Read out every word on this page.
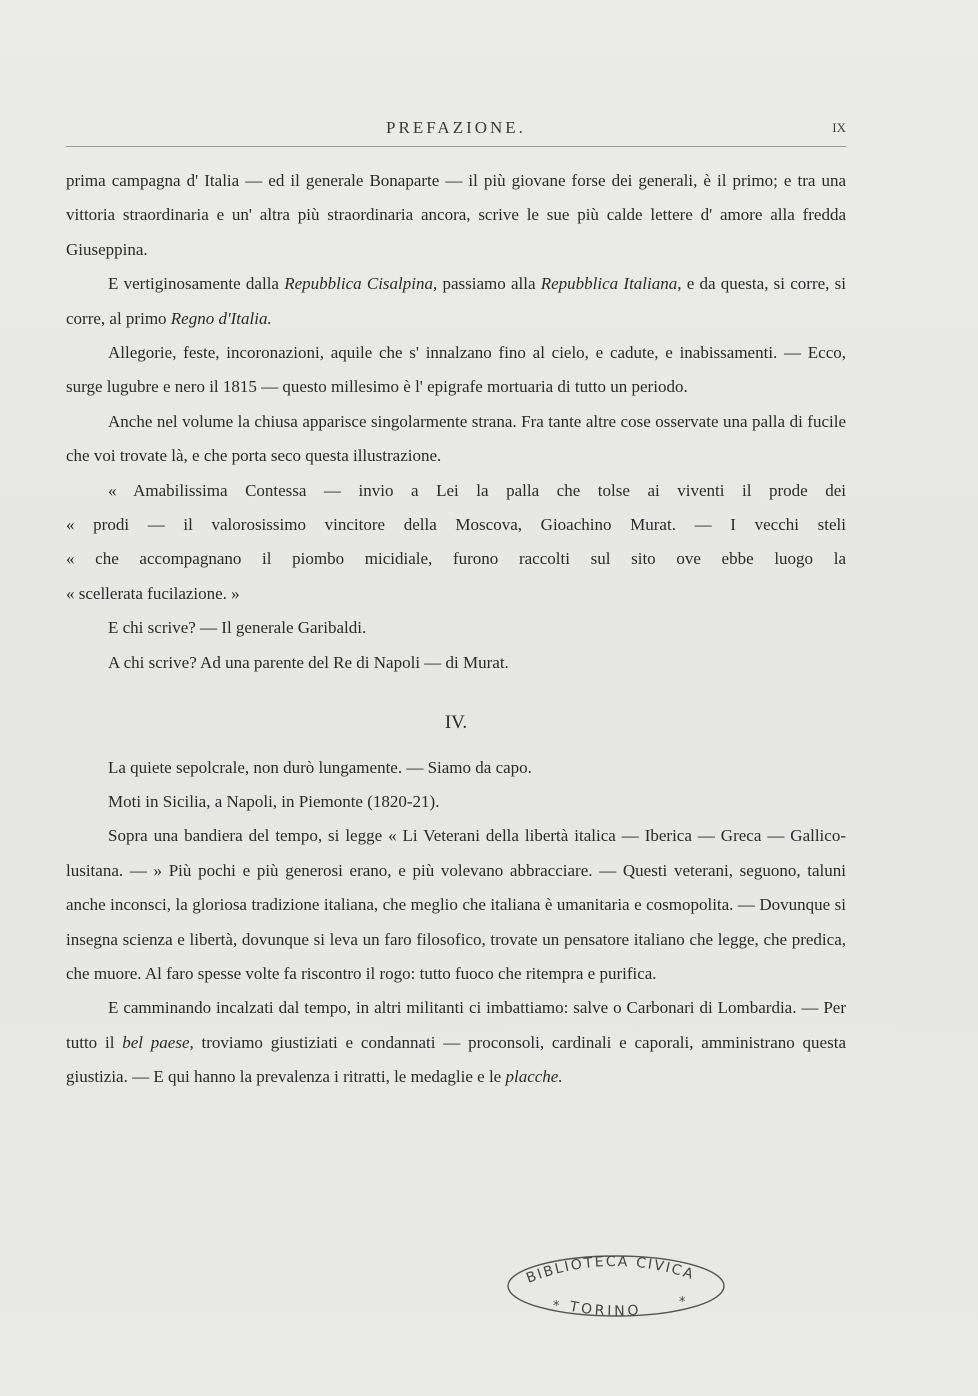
PREFAZIONE.	IX

prima campagna d' Italia — ed il generale Bonaparte — il più giovane forse dei generali, è il primo; e tra una vittoria straordinaria e un' altra più straordinaria ancora, scrive le sue più calde lettere d' amore alla fredda Giuseppina.

E vertiginosamente dalla Repubblica Cisalpina, passiamo alla Repubblica Italiana, e da questa, si corre, si corre, al primo Regno d'Italia.

Allegorie, feste, incoronazioni, aquile che s' innalzano fino al cielo, e cadute, e inabissamenti. — Ecco, surge lugubre e nero il 1815 — questo millesimo è l' epigrafe mortuaria di tutto un periodo.

Anche nel volume la chiusa apparisce singolarmente strana. Fra tante altre cose osservate una palla di fucile che voi trovate là, e che porta seco questa illustrazione.

« Amabilissima Contessa — invio a Lei la palla che tolse ai viventi il prode dei

« prodi — il valorosissimo vincitore della Moscova, Gioachino Murat. — I vecchi steli

« che accompagnano il piombo micidiale, furono raccolti sul sito ove ebbe luogo la

« scellerata fucilazione. »

E chi scrive? — Il generale Garibaldi.

A chi scrive? Ad una parente del Re di Napoli — di Murat.

IV.

La quiete sepolcrale, non durò lungamente. — Siamo da capo.

Moti in Sicilia, a Napoli, in Piemonte (1820-21).

Sopra una bandiera del tempo, si legge « Li Veterani della libertà italica — Iberica — Greca — Gallico-lusitana. — » Più pochi e più generosi erano, e più volevano abbracciare. — Questi veterani, seguono, taluni anche inconsci, la gloriosa tradizione italiana, che meglio che italiana è umanitaria e cosmopolita. — Dovunque si insegna scienza e libertà, dovunque si leva un faro filosofico, trovate un pensatore italiano che legge, che predica, che muore. Al faro spesse volte fa riscontro il rogo: tutto fuoco che ritempra e purifica.

E camminando incalzati dal tempo, in altri militanti ci imbattiamo: salve o Carbonari di Lombardia. — Per tutto il bel paese, troviamo giustiziati e condannati — proconsoli, cardinali e caporali, amministrano questa giustizia. — E qui hanno la prevalenza i ritratti, le medaglie e le placche.

BIBLIOTECA CIVICA
TORINO
*	*
